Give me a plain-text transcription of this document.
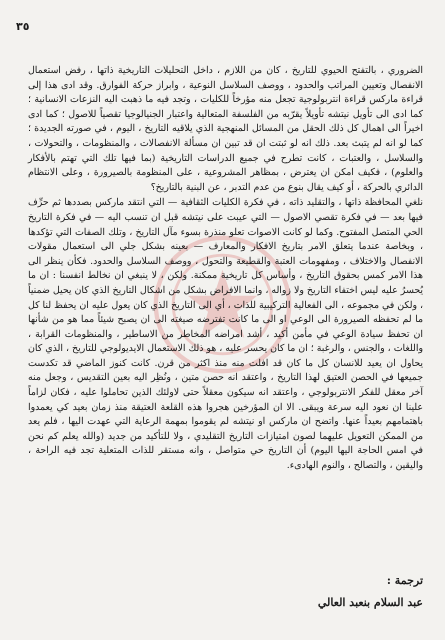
٣٥

الضروري ، بالتفتح الحيوي للتاريخ ، كان من اللازم ، داخل التحليلات التاريخية ذاتها ، رفض استعمال الانفصال وتعيين المراتب والحدود ، ووصف السلاسل النوعية ، وابراز حركة الفوارق. وقد ادى هذا إلى قراءة ماركس قراءة انتربولوجية تجعل منه مؤرخاً للكليات ، وتجد فيه ما ذهبت اليه النزعات الانسانية ؛ كما ادى الى تأويل نيتشه تأويلاً يقرّبه من الفلسفة المتعالية واعتبار الجنيالوجيا تقصياً للاصول ؛ كما ادى اخيراً الى اهمال كل ذلك الحقل من المسائل المنهجية الذي يلاقيه التاريخ ، اليوم ، في صورته الجديدة ؛ كما لو انه لم يتبث بعد. ذلك انه لو ثبتت ان قد تبين ان مسألة الانفصالات ، والمنظومات ، والتحولات ، والسلاسل ، والعتبات ، كانت تطرح في جميع الدراسات التاريخية (بما فيها تلك التي تهتم بالأفكار والعلوم) ، فكيف امكن ان يعترض ، بمظاهر المشروعية ، على المنظومة بالصيرورة ، وعلى الانتظام الدائري بالحركة ، أو كيف يقال بنوع من عدم التدبر ، عن البنية بالتاريخ؟

نلغي المحافظة ذاتها ، والتقليد ذاته ، في فكرة الكليات الثقافية — التي انتقد ماركس بصددها ثم حرِّف فيها بعد — في فكرة تقصي الاصول — التي عيبت على نيتشه قبل ان تنسب اليه — في فكرة التاريخ الحي المتصل المفتوح. وكما لو كانت الاصوات تعلو منذرة بسوء مآل التاريخ ، وتلك الصفات التي تؤكدها ، وبخاصة عندما يتعلق الامر بتاريخ الافكار والمعارف — بعينه بشكل جلي الى استعمال مقولات الانفصال والاختلاف ، ومفهومات العتبة والقطيعة والتحول ، ووصف السلاسل والحدود. فكأن ينظر الى هذا الامر كمس بحقوق التاريخ ، وأساس كل تاريخية ممكنة. ولكن ، لا ينبغي ان نخالط انفسنا : ان ما يُحسرُ عليه ليس اختفاء التاريخ ولا زواله ، وانما الافراض بشكل من اشكال التاريخ الذي كان يحيل ضمنياً ، ولكن في مجموعه ، الى الفعالية التركيبية للذات ، أي الى التاريخ الذي كان يعول عليه ان يحفظ لنا كل ما لم تحفظه الصيرورة الى الوعي او الى ما كانت تفترضه صيغته الى ان يصبح شيئاً مما هو من شأنها ان تحفظ سيادة الوعي في مأمن أكيد ، أشد امراضه المخاطر من الاساطير ، والمنظومات القرابة ، واللغات ، والجنس ، والرغبة ؛ ان ما كان يحسر عليه ، هو ذلك الاستعمال الايديولوجي للتاريخ ، الذي كان يحاول ان يعيد للانسان كل ما كان قد افلت منه منذ اكثر من قرن. كانت كنوز الماضي قد تكدست جميعها في الحصن العتيق لهذا التاريخ ، واعتقد انه حصن متين ، ونُظِر اليه بعين التقديس ، وجعل منه آخر معقل للفكر الانتربولوجي ، واعتقد انه سيكون معقلاً حتى لاولئك الذين تحاملوا عليه ، فكان لزاماً علينا ان نعود اليه سرعة ويبقى. الا ان المؤرخين هجروا هذه القلعة العتيقة منذ زمان بعيد كي يعمدوا باهتمامهم بعيداً عنها. واتضح ان ماركس او نيتشه لم يقوموا بمهمة الرعاية التي عهدت اليها ، فلم يعد من الممكن التعويل عليهما لصون امتيازات التاريخ التقليدي ، ولا للتأكيد من جديد (والله يعلم كم نحن في امس الحاجة اليها اليوم) أن التاريخ حي متواصل ، وانه مستقر للذات المتعلية تجد فيه الراحة ، واليقين ، والتصالح ، والنوم الهادىء.

ترجمة :
عبد السلام بنعبد العالي
